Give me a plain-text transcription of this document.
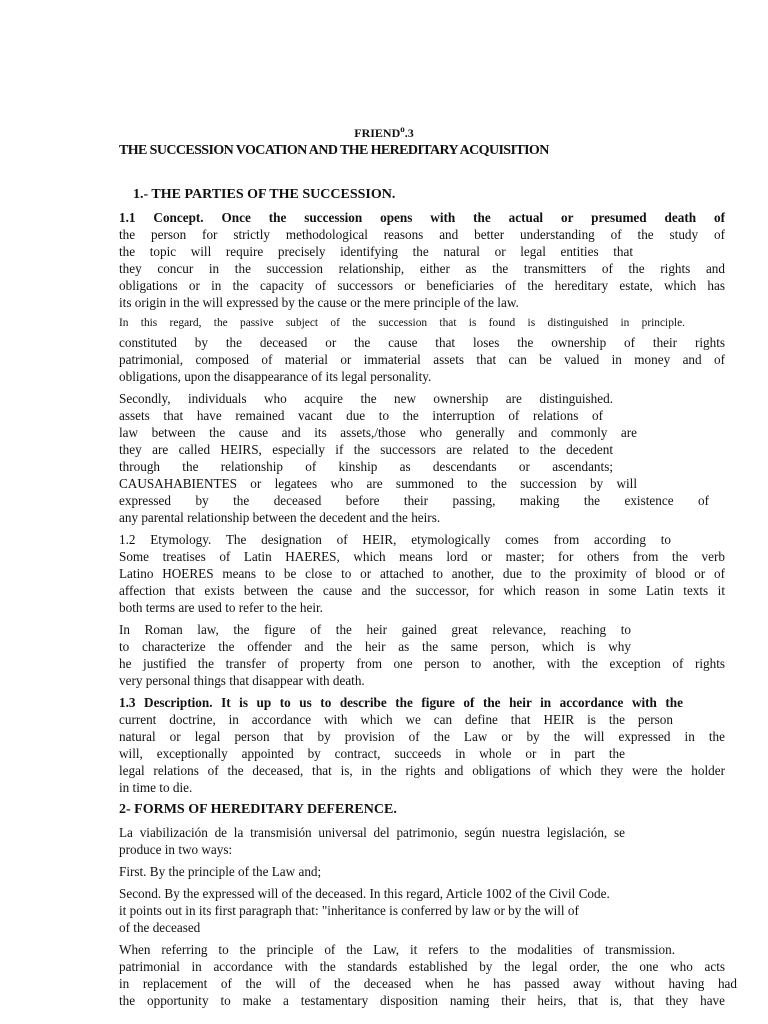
FRIEND$^o$.3
THE SUCCESSION VOCATION AND THE HEREDITARY ACQUISITION
1.- THE PARTIES OF THE SUCCESSION.
1.1 Concept. Once the succession opens with the actual or presumed death of
the person for strictly methodological reasons and better understanding of the study of
the topic will require precisely identifying the natural or legal entities that
they concur in the succession relationship, either as the transmitters of the rights and
obligations or in the capacity of successors or beneficiaries of the hereditary estate, which has
its origin in the will expressed by the cause or the mere principle of the law.
In this regard, the passive subject of the succession that is found is distinguished in principle.
constituted by the deceased or the cause that loses the ownership of their rights
patrimonial, composed of material or immaterial assets that can be valued in money and of
obligations, upon the disappearance of its legal personality.
Secondly, individuals who acquire the new ownership are distinguished.
assets that have remained vacant due to the interruption of relations of
law between the cause and its assets,/those who generally and commonly are
they are called HEIRS, especially if the successors are related to the decedent
through the relationship of kinship as descendants or ascendants;
CAUSAHABIENTES or legatees who are summoned to the succession by will
expressed by the deceased before their passing, making the existence of
any parental relationship between the decedent and the heirs.
1.2 Etymology. The designation of HEIR, etymologically comes from according to
Some treatises of Latin HAERES, which means lord or master; for others from the verb
Latino HOERES means to be close to or attached to another, due to the proximity of blood or of
affection that exists between the cause and the successor, for which reason in some Latin texts it
both terms are used to refer to the heir.
In Roman law, the figure of the heir gained great relevance, reaching to
to characterize the offender and the heir as the same person, which is why
he justified the transfer of property from one person to another, with the exception of rights
very personal things that disappear with death.
1.3 Description. It is up to us to describe the figure of the heir in accordance with the
current doctrine, in accordance with which we can define that HEIR is the person
natural or legal person that by provision of the Law or by the will expressed in the
will, exceptionally appointed by contract, succeeds in whole or in part the
legal relations of the deceased, that is, in the rights and obligations of which they were the holder
in time to die.
2- FORMS OF HEREDITARY DEFERENCE.
La viabilización de la transmisión universal del patrimonio, según nuestra legislación, se
produce in two ways:
First. By the principle of the Law and;
Second. By the expressed will of the deceased. In this regard, Article 1002 of the Civil Code.
it points out in its first paragraph that: "inheritance is conferred by law or by the will of
of the deceased
When referring to the principle of the Law, it refers to the modalities of transmission.
patrimonial in accordance with the standards established by the legal order, the one who acts
in replacement of the will of the deceased when he has passed away without having had
the opportunity to make a testamentary disposition naming their heirs, that is, that they have
